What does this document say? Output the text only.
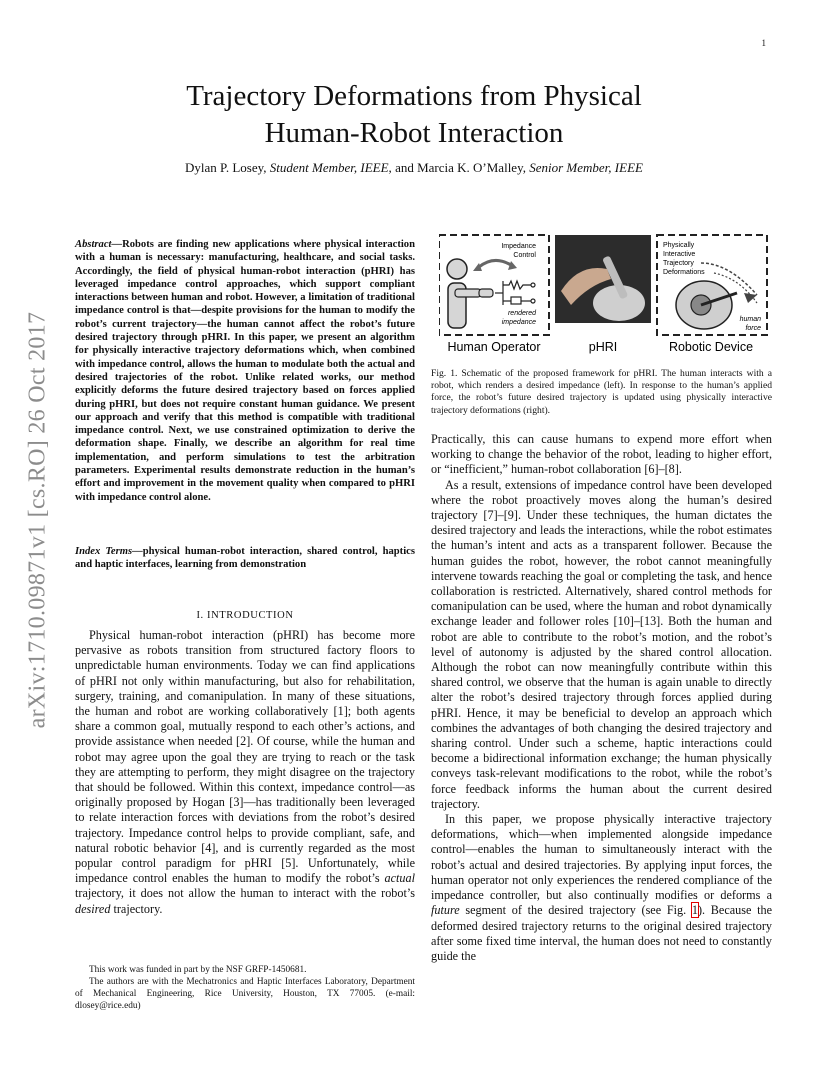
1
arXiv:1710.09871v1 [cs.RO] 26 Oct 2017
Trajectory Deformations from Physical
Human-Robot Interaction
Dylan P. Losey, Student Member, IEEE, and Marcia K. O’Malley, Senior Member, IEEE
Abstract—Robots are finding new applications where physical interaction with a human is necessary: manufacturing, healthcare, and social tasks. Accordingly, the field of physical human-robot interaction (pHRI) has leveraged impedance control approaches, which support compliant interactions between human and robot. However, a limitation of traditional impedance control is that—despite provisions for the human to modify the robot’s current trajectory—the human cannot affect the robot’s future desired trajectory through pHRI. In this paper, we present an algorithm for physically interactive trajectory deformations which, when combined with impedance control, allows the human to modulate both the actual and desired trajectories of the robot. Unlike related works, our method explicitly deforms the future desired trajectory based on forces applied during pHRI, but does not require constant human guidance. We present our approach and verify that this method is compatible with traditional impedance control. Next, we use constrained optimization to derive the deformation shape. Finally, we describe an algorithm for real time implementation, and perform simulations to test the arbitration parameters. Experimental results demonstrate reduction in the human’s effort and improvement in the movement quality when compared to pHRI with impedance control alone.
Index Terms—physical human-robot interaction, shared control, haptics and haptic interfaces, learning from demonstration
I. INTRODUCTION

Physical human-robot interaction (pHRI) has become more pervasive as robots transition from structured factory floors to unpredictable human environments. Today we can find applications of pHRI not only within manufacturing, but also for rehabilitation, surgery, training, and comanipulation. In many of these situations, the human and robot are working collaboratively [1]; both agents share a common goal, mutually respond to each other’s actions, and provide assistance when needed [2]. Of course, while the human and robot may agree upon the goal they are trying to reach or the task they are attempting to perform, they might disagree on the trajectory that should be followed. Within this context, impedance control—as originally proposed by Hogan [3]—has traditionally been leveraged to relate interaction forces with deviations from the robot’s desired trajectory. Impedance control helps to provide compliant, safe, and natural robotic behavior [4], and is currently regarded as the most popular control paradigm for pHRI [5]. Unfortunately, while impedance control enables the human to modify the robot’s actual trajectory, it does not allow the human to interact with the robot’s desired trajectory.

This work was funded in part by the NSF GRFP-1450681.

The authors are with the Mechatronics and Haptic Interfaces Laboratory, Department of Mechanical Engineering, Rice University, Houston, TX 77005. (e-mail: dlosey@rice.edu)

Impedance
Control
rendered
impedance
Physically
Interactive
Trajectory
Deformations
human
force
Human Operator	pHRI	Robotic Device
Fig. 1. Schematic of the proposed framework for pHRI. The human interacts with a robot, which renders a desired impedance (left). In response to the human’s applied force, the robot’s future desired trajectory is updated using physically interactive trajectory deformations (right).

Practically, this can cause humans to expend more effort when working to change the behavior of the robot, leading to higher effort, or “inefficient,” human-robot collaboration [6]–[8].

As a result, extensions of impedance control have been developed where the robot proactively moves along the human’s desired trajectory [7]–[9]. Under these techniques, the human dictates the desired trajectory and leads the interactions, while the robot estimates the human’s intent and acts as a transparent follower. Because the human guides the robot, however, the robot cannot meaningfully intervene towards reaching the goal or completing the task, and hence collaboration is restricted. Alternatively, shared control methods for comanipulation can be used, where the human and robot dynamically exchange leader and follower roles [10]–[13]. Both the human and robot are able to contribute to the robot’s motion, and the robot’s level of autonomy is adjusted by the shared control allocation. Although the robot can now meaningfully contribute within this shared control, we observe that the human is again unable to directly alter the robot’s desired trajectory through forces applied during pHRI. Hence, it may be beneficial to develop an approach which combines the advantages of both changing the desired trajectory and sharing control. Under such a scheme, haptic interactions could become a bidirectional information exchange; the human physically conveys task-relevant modifications to the robot, while the robot’s force feedback informs the human about the current desired trajectory.

In this paper, we propose physically interactive trajectory deformations, which—when implemented alongside impedance control—enables the human to simultaneously interact with the robot’s actual and desired trajectories. By applying input forces, the human operator not only experiences the rendered compliance of the impedance controller, but also continually modifies or deforms a future segment of the desired trajectory (see Fig. 1). Because the deformed desired trajectory returns to the original desired trajectory after some fixed time interval, the human does not need to constantly guide the
